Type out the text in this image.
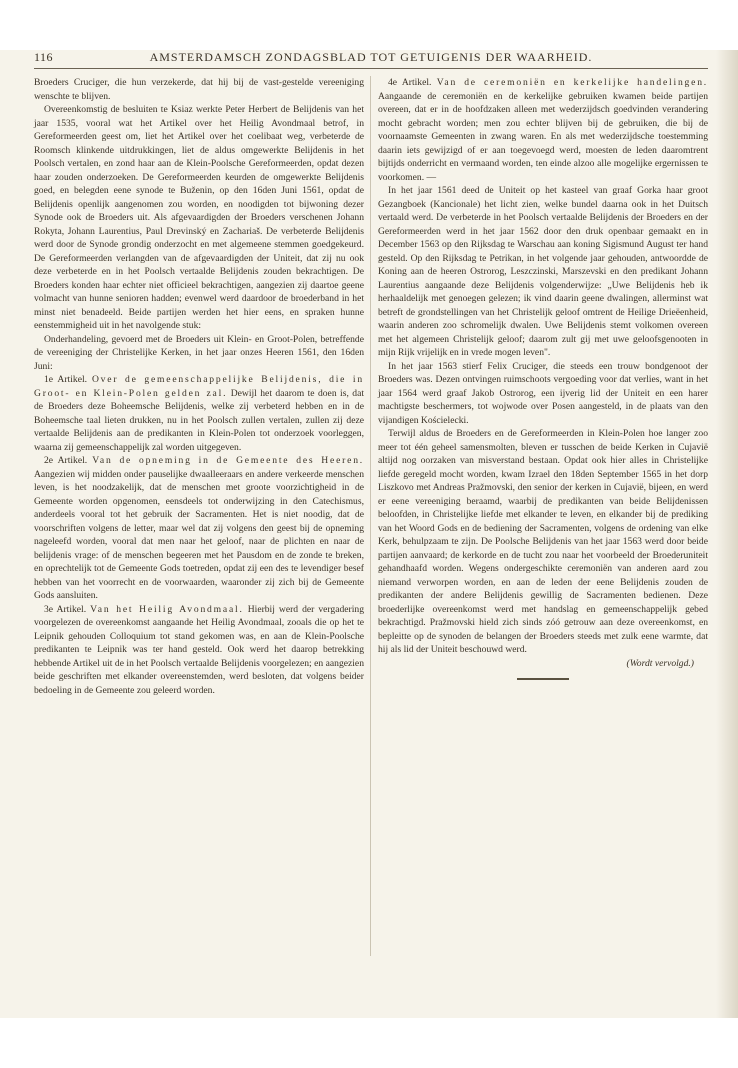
116	AMSTERDAMSCH ZONDAGSBLAD TOT GETUIGENIS DER WAARHEID.

Broeders Cruciger, die hun verzekerde, dat hij bij de vast-gestelde vereeniging wenschte te blijven.

Overeenkomstig de besluiten te Ksiaz werkte Peter Herbert de Belijdenis van het jaar 1535, vooral wat het Artikel over het Heilig Avondmaal betrof, in Gereformeerden geest om, liet het Artikel over het coelibaat weg, verbeterde de Roomsch klinkende uitdrukkingen, liet de aldus omgewerkte Belijdenis in het Poolsch vertalen, en zond haar aan de Klein-Poolsche Gereformeerden, opdat dezen haar zouden onderzoeken. De Gereformeerden keurden de omgewerkte Belijdenis goed, en belegden eene synode te Buženin, op den 16den Juni 1561, opdat de Belijdenis openlijk aangenomen zou worden, en noodigden tot bijwoning dezer Synode ook de Broeders uit. Als afgevaardigden der Broeders verschenen Johann Rokyta, Johann Laurentius, Paul Drevinský en Zachariaš. De verbeterde Belijdenis werd door de Synode grondig onderzocht en met algemeene stemmen goedgekeurd. De Gereformeerden verlangden van de afgevaardigden der Uniteit, dat zij nu ook deze verbeterde en in het Poolsch vertaalde Belijdenis zouden bekrachtigen. De Broeders konden haar echter niet officieel bekrachtigen, aangezien zij daartoe geene volmacht van hunne senioren hadden; evenwel werd daardoor de broederband in het minst niet benadeeld. Beide partijen werden het hier eens, en spraken hunne eenstemmigheid uit in het navolgende stuk:

Onderhandeling, gevoerd met de Broeders uit Klein- en Groot-Polen, betreffende de vereeniging der Christelijke Kerken, in het jaar onzes Heeren 1561, den 16den Juni:

1e Artikel. Over de gemeenschappelijke Belijdenis, die in Groot- en Klein-Polen gelden zal. Dewijl het daarom te doen is, dat de Broeders deze Boheemsche Belijdenis, welke zij verbeterd hebben en in de Boheemsche taal lieten drukken, nu in het Poolsch zullen vertalen, zullen zij deze vertaalde Belijdenis aan de predikanten in Klein-Polen tot onderzoek voorleggen, waarna zij gemeenschappelijk zal worden uitgegeven.

2e Artikel. Van de opneming in de Gemeente des Heeren. Aangezien wij midden onder pauselijke dwaalleeraars en andere verkeerde menschen leven, is het noodzakelijk, dat de menschen met groote voorzichtigheid in de Gemeente worden opgenomen, eensdeels tot onderwijzing in den Catechismus, anderdeels vooral tot het gebruik der Sacramenten. Het is niet noodig, dat de voorschriften volgens de letter, maar wel dat zij volgens den geest bij de opneming nageleefd worden, vooral dat men naar het geloof, naar de plichten en naar de belijdenis vrage: of de menschen begeeren met het Pausdom en de zonde te breken, en oprechtelijk tot de Gemeente Gods toetreden, opdat zij een des te levendiger besef hebben van het voorrecht en de voorwaarden, waaronder zij zich bij de Gemeente Gods aansluiten.

3e Artikel. Van het Heilig Avondmaal. Hierbij werd der vergadering voorgelezen de overeenkomst aangaande het Heilig Avondmaal, zooals die op het te Leipnik gehouden Colloquium tot stand gekomen was, en aan de Klein-Poolsche predikanten te Leipnik was ter hand gesteld. Ook werd het daarop betrekking hebbende Artikel uit de in het Poolsch vertaalde Belijdenis voorgelezen; en aangezien beide geschriften met elkander overeenstemden, werd besloten, dat volgens beider bedoeling in de Gemeente zou geleerd worden.

4e Artikel. Van de ceremoniën en kerkelijke handelingen. Aangaande de ceremoniën en de kerkelijke gebruiken kwamen beide partijen overeen, dat er in de hoofdzaken alleen met wederzijdsch goedvinden verandering mocht gebracht worden; men zou echter blijven bij de gebruiken, die bij de voornaamste Gemeenten in zwang waren. En als met wederzijdsche toestemming daarin iets gewijzigd of er aan toegevoegd werd, moesten de leden daaromtrent bijtijds onderricht en vermaand worden, ten einde alzoo alle mogelijke ergernissen te voorkomen. —

In het jaar 1561 deed de Uniteit op het kasteel van graaf Gorka haar groot Gezangboek (Kancionale) het licht zien, welke bundel daarna ook in het Duitsch vertaald werd. De verbeterde in het Poolsch vertaalde Belijdenis der Broeders en der Gereformeerden werd in het jaar 1562 door den druk openbaar gemaakt en in December 1563 op den Rijksdag te Warschau aan koning Sigismund August ter hand gesteld. Op den Rijksdag te Petrikan, in het volgende jaar gehouden, antwoordde de Koning aan de heeren Ostrorog, Leszczinski, Marszevski en den predikant Johann Laurentius aangaande deze Belijdenis volgenderwijze: „Uwe Belijdenis heb ik herhaaldelijk met genoegen gelezen; ik vind daarin geene dwalingen, allerminst wat betreft de grondstellingen van het Christelijk geloof omtrent de Heilige Drieëenheid, waarin anderen zoo schromelijk dwalen. Uwe Belijdenis stemt volkomen overeen met het algemeen Christelijk geloof; daarom zult gij met uwe geloofsgenooten in mijn Rijk vrijelijk en in vrede mogen leven".

In het jaar 1563 stierf Felix Cruciger, die steeds een trouw bondgenoot der Broeders was. Dezen ontvingen ruimschoots vergoeding voor dat verlies, want in het jaar 1564 werd graaf Jakob Ostrorog, een ijverig lid der Uniteit en een harer machtigste beschermers, tot wojwode over Posen aangesteld, in de plaats van den vijandigen Kościelecki.

Terwijl aldus de Broeders en de Gereformeerden in Klein-Polen hoe langer zoo meer tot één geheel samensmolten, bleven er tusschen de beide Kerken in Cujavië altijd nog oorzaken van misverstand bestaan. Opdat ook hier alles in Christelijke liefde geregeld mocht worden, kwam Izrael den 18den September 1565 in het dorp Liszkovo met Andreas Pražmovski, den senior der kerken in Cujavië, bijeen, en werd er eene vereeniging beraamd, waarbij de predikanten van beide Belijdenissen beloofden, in Christelijke liefde met elkander te leven, en elkander bij de prediking van het Woord Gods en de bediening der Sacramenten, volgens de ordening van elke Kerk, behulpzaam te zijn. De Poolsche Belijdenis van het jaar 1563 werd door beide partijen aanvaard; de kerkorde en de tucht zou naar het voorbeeld der Broederuniteit gehandhaafd worden. Wegens ondergeschikte ceremoniën van anderen aard zou niemand verworpen worden, en aan de leden der eene Belijdenis zouden de predikanten der andere Belijdenis gewillig de Sacramenten bedienen. Deze broederlijke overeenkomst werd met handslag en gemeenschappelijk gebed bekrachtigd. Pražmovski hield zich sinds zóó getrouw aan deze overeenkomst, en bepleitte op de synoden de belangen der Broeders steeds met zulk eene warmte, dat hij als lid der Uniteit beschouwd werd.

(Wordt vervolgd.)
